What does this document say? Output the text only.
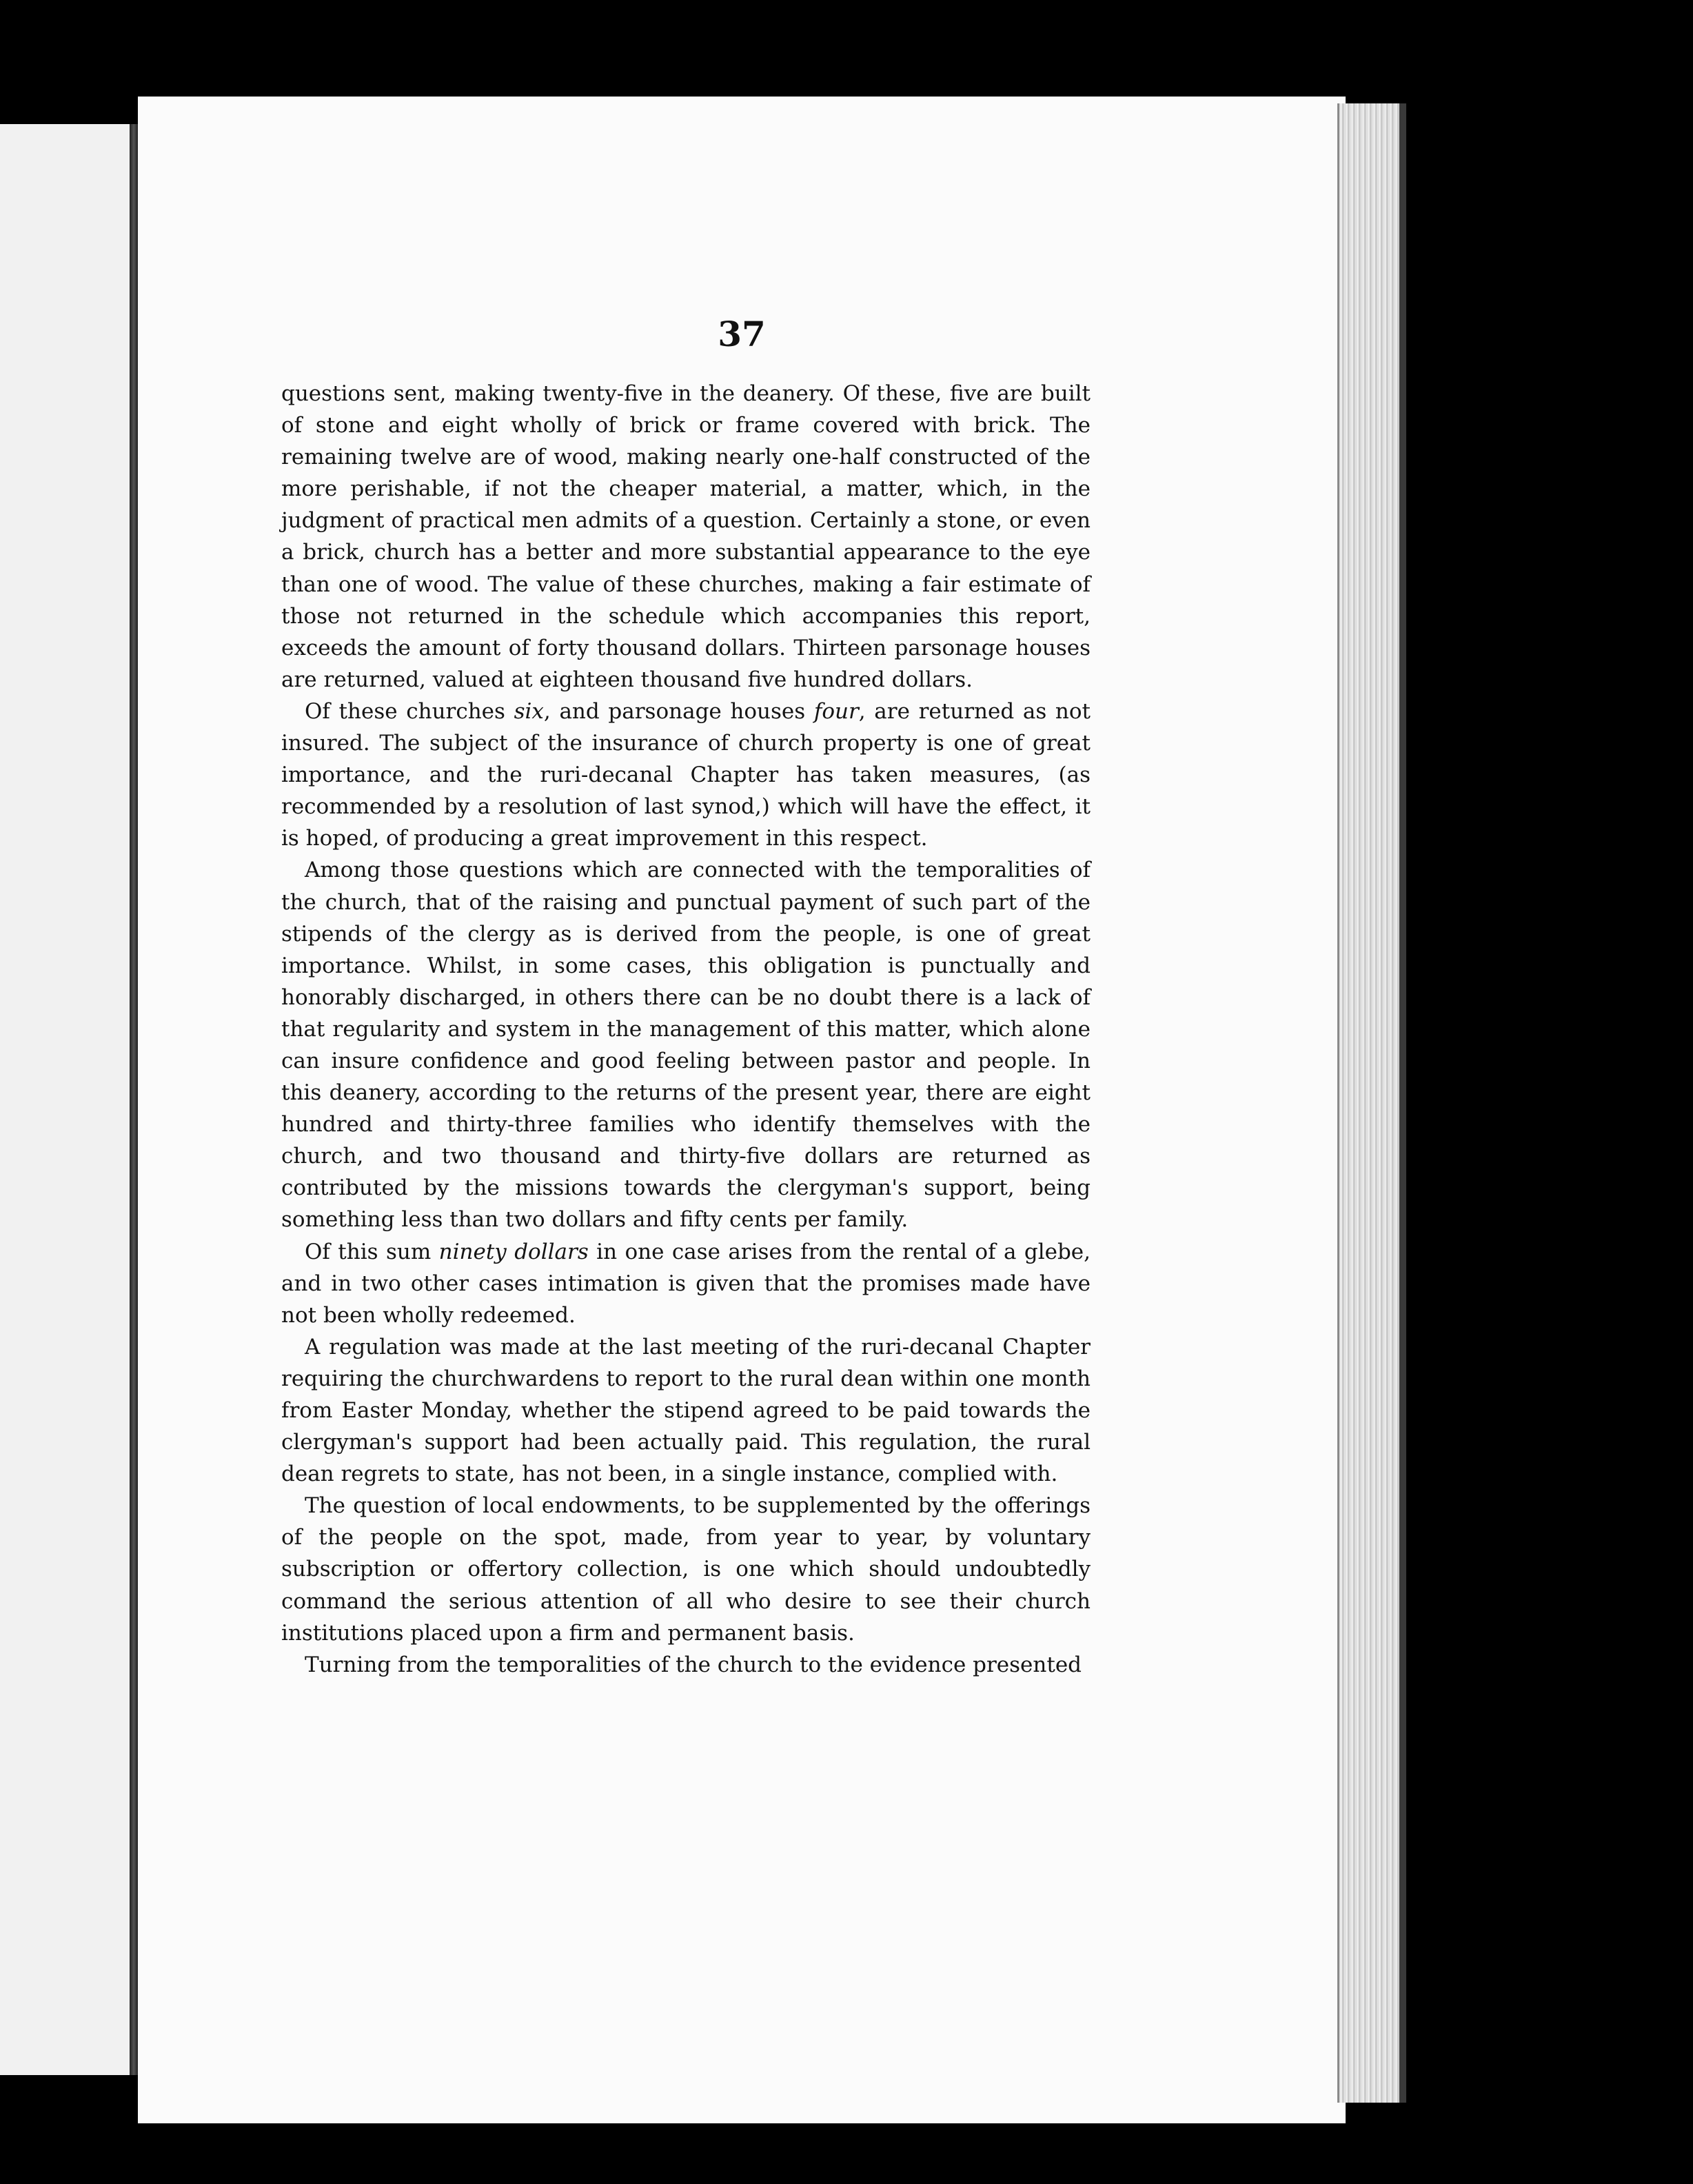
37

questions sent, making twenty-five in the deanery. Of these, five are built of stone and eight wholly of brick or frame covered with brick. The remaining twelve are of wood, making nearly one-half constructed of the more perishable, if not the cheaper material, a matter, which, in the judgment of practical men admits of a question. Certainly a stone, or even a brick, church has a better and more substantial appearance to the eye than one of wood. The value of these churches, making a fair estimate of those not returned in the schedule which accompanies this report, exceeds the amount of forty thousand dollars. Thirteen parsonage houses are returned, valued at eighteen thousand five hundred dollars.

Of these churches six, and parsonage houses four, are returned as not insured. The subject of the insurance of church property is one of great importance, and the ruri-decanal Chapter has taken measures, (as recommended by a resolution of last synod,) which will have the effect, it is hoped, of producing a great improvement in this respect.

Among those questions which are connected with the temporalities of the church, that of the raising and punctual payment of such part of the stipends of the clergy as is derived from the people, is one of great importance. Whilst, in some cases, this obligation is punctually and honorably discharged, in others there can be no doubt there is a lack of that regularity and system in the management of this matter, which alone can insure confidence and good feeling between pastor and people. In this deanery, according to the returns of the present year, there are eight hundred and thirty-three families who identify themselves with the church, and two thousand and thirty-five dollars are returned as contributed by the missions towards the clergyman's support, being something less than two dollars and fifty cents per family.

Of this sum ninety dollars in one case arises from the rental of a glebe, and in two other cases intimation is given that the promises made have not been wholly redeemed.

A regulation was made at the last meeting of the ruri-decanal Chapter requiring the churchwardens to report to the rural dean within one month from Easter Monday, whether the stipend agreed to be paid towards the clergyman's support had been actually paid. This regulation, the rural dean regrets to state, has not been, in a single instance, complied with.

The question of local endowments, to be supplemented by the offerings of the people on the spot, made, from year to year, by voluntary subscription or offertory collection, is one which should undoubtedly command the serious attention of all who desire to see their church institutions placed upon a firm and permanent basis.

Turning from the temporalities of the church to the evidence presented
